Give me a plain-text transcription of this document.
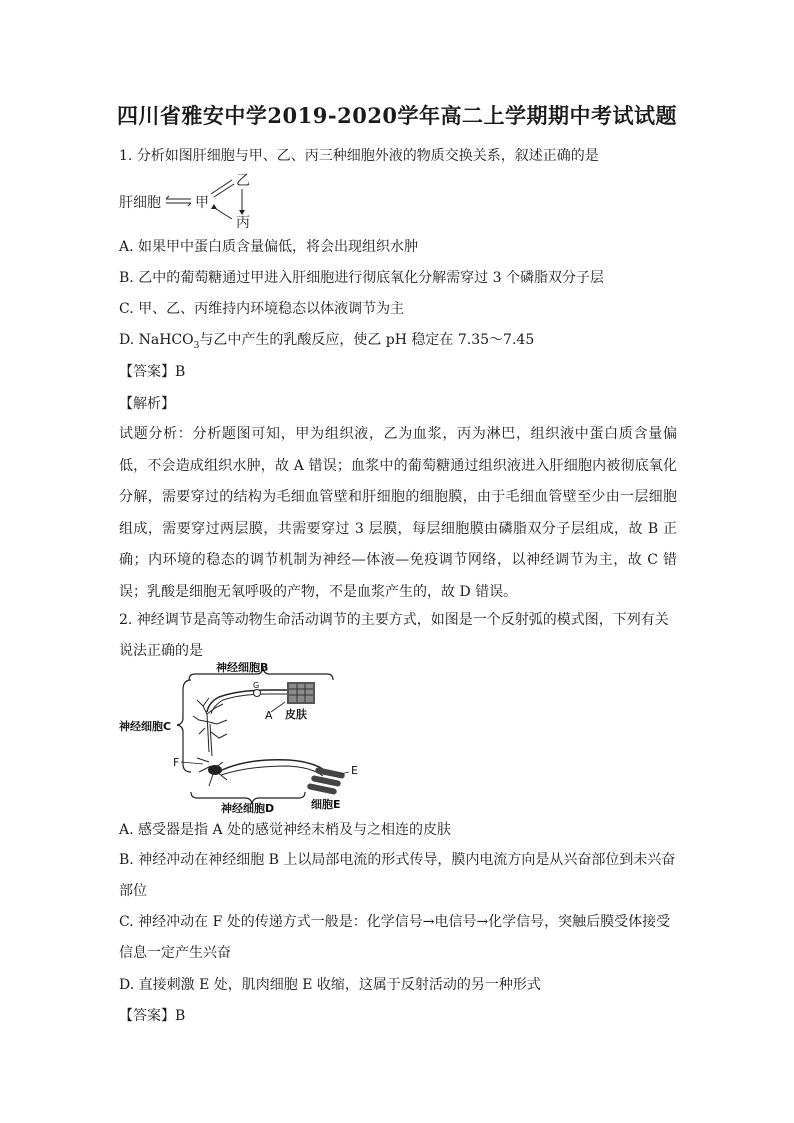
四川省雅安中学2019-2020学年高二上学期期中考试试题
1. 分析如图肝细胞与甲、乙、丙三种细胞外液的物质交换关系，叙述正确的是
肝细胞 甲
乙
丙
A. 如果甲中蛋白质含量偏低，将会出现组织水肿
B. 乙中的葡萄糖通过甲进入肝细胞进行彻底氧化分解需穿过 3 个磷脂双分子层
C. 甲、乙、丙维持内环境稳态以体液调节为主
D. NaHCO$_3$与乙中产生的乳酸反应，使乙 pH 稳定在 7.35～7.45
【答案】B
【解析】
试题分析：分析题图可知，甲为组织液，乙为血浆，丙为淋巴，组织液中蛋白质含量偏低，不会造成组织水肿，故 A 错误；血浆中的葡萄糖通过组织液进入肝细胞内被彻底氧化分解，需要穿过的结构为毛细血管壁和肝细胞的细胞膜，由于毛细血管壁至少由一层细胞组成，需要穿过两层膜，共需要穿过 3 层膜，每层细胞膜由磷脂双分子层组成，故 B 正确；内环境的稳态的调节机制为神经—体液—免疫调节网络，以神经调节为主，故 C 错误；乳酸是细胞无氧呼吸的产物，不是血浆产生的，故 D 错误。
2. 神经调节是高等动物生命活动调节的主要方式，如图是一个反射弧的模式图，下列有关说法正确的是
神经细胞B
G
A 皮肤
神经细胞C
F
E
神经细胞D	细胞E
A. 感受器是指 A 处的感觉神经末梢及与之相连的皮肤
B. 神经冲动在神经细胞 B 上以局部电流的形式传导，膜内电流方向是从兴奋部位到未兴奋部位
C. 神经冲动在 F 处的传递方式一般是：化学信号→电信号→化学信号，突触后膜受体接受信息一定产生兴奋
D. 直接刺激 E 处，肌肉细胞 E 收缩，这属于反射活动的另一种形式
【答案】B
